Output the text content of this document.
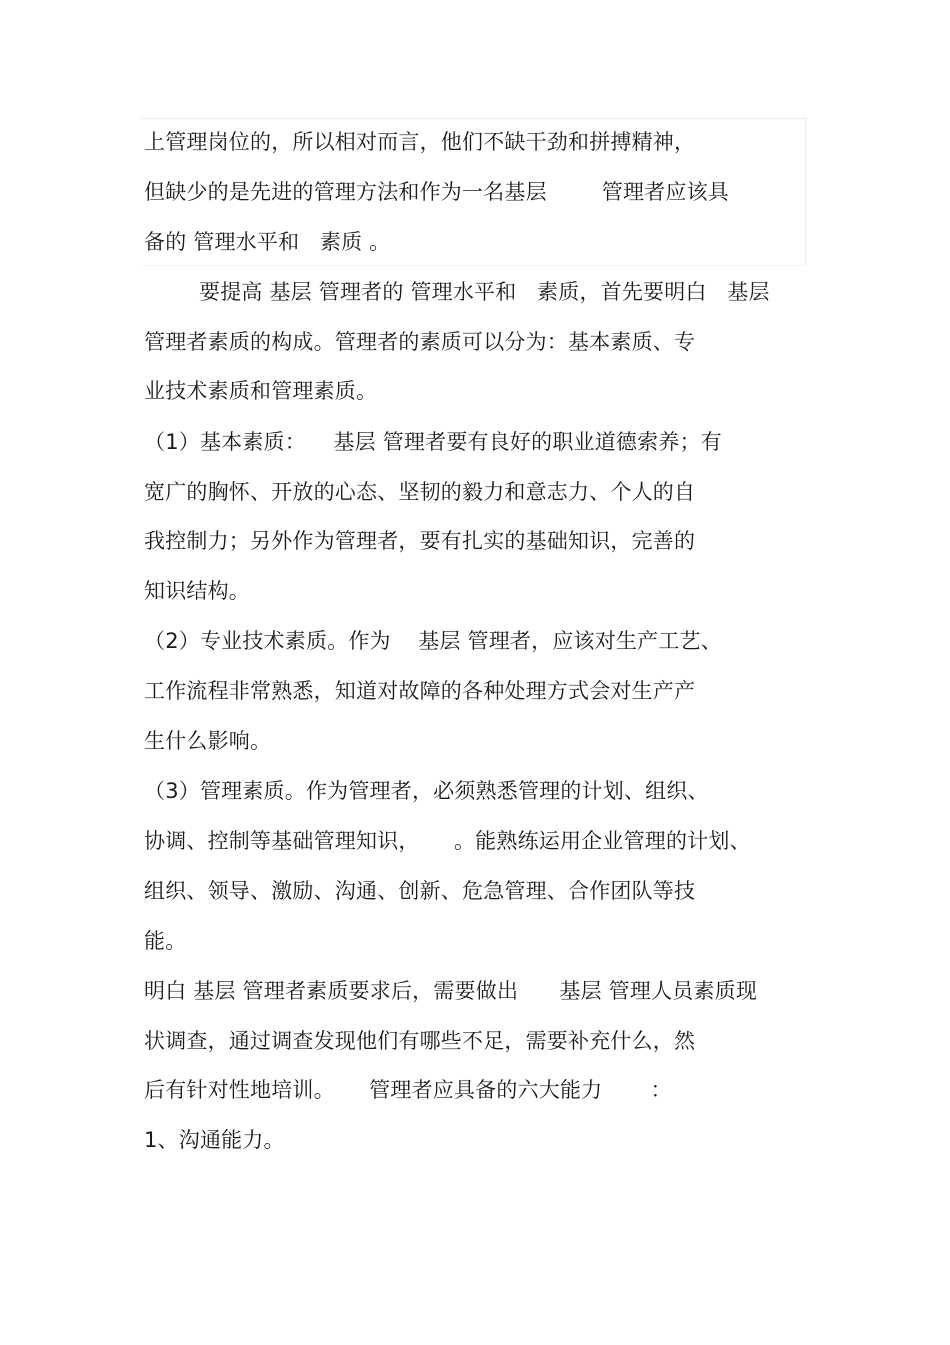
上管理岗位的，所以相对而言，他们不缺干劲和拼搏精神，
但缺少的是先进的管理方法和作为一名基层        管理者应该具
备的 管理水平和   素质 。
要提高 基层 管理者的 管理水平和   素质，首先要明白   基层
管理者素质的构成。管理者的素质可以分为：基本素质、专
业技术素质和管理素质。
（1）基本素质：    基层 管理者要有良好的职业道德索养；有
宽广的胸怀、开放的心态、坚韧的毅力和意志力、个人的自
我控制力；另外作为管理者，要有扎实的基础知识，完善的
知识结构。
（2）专业技术素质。作为    基层 管理者，应该对生产工艺、
工作流程非常熟悉，知道对故障的各种处理方式会对生产产
生什么影响。
（3）管理素质。作为管理者，必须熟悉管理的计划、组织、
协调、控制等基础管理知识，     。能熟练运用企业管理的计划、
组织、领导、激励、沟通、创新、危急管理、合作团队等技
能。
明白 基层 管理者素质要求后，需要做出      基层 管理人员素质现
状调查，通过调查发现他们有哪些不足，需要补充什么，然
后有针对性地培训。     管理者应具备的六大能力       ：
1、沟通能力。
